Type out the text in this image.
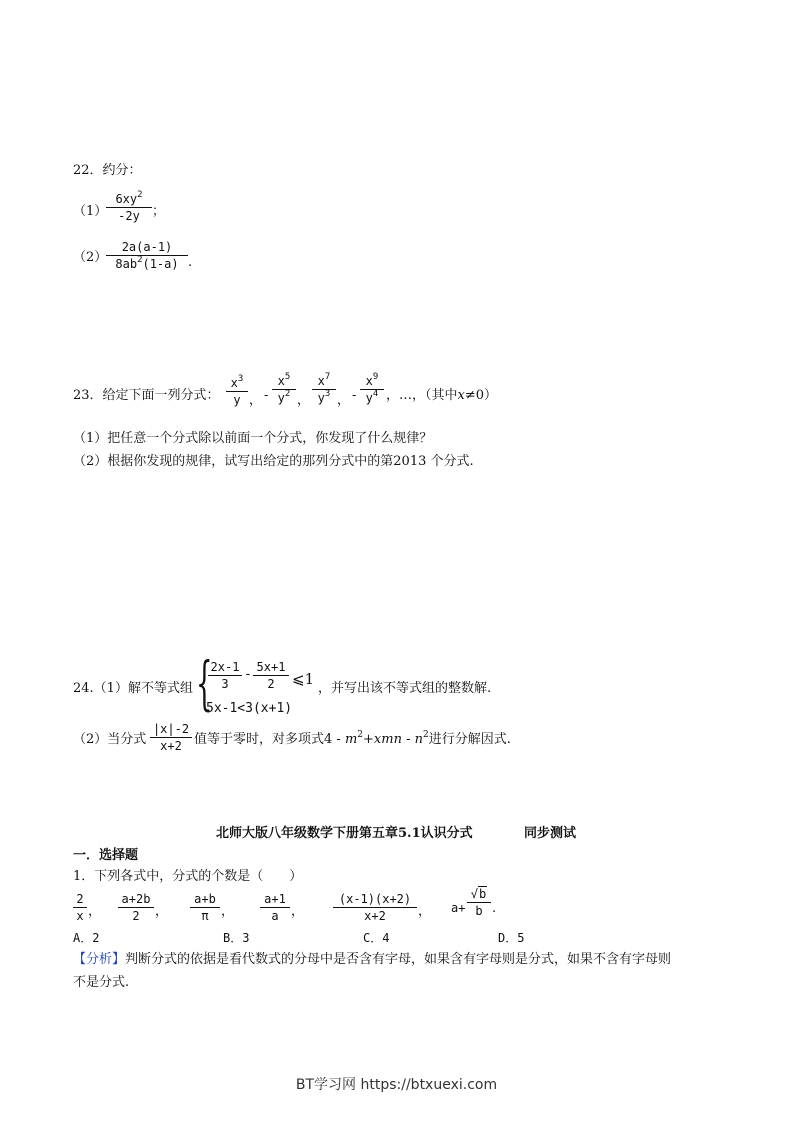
22．约分：
（1）
$6xy^2$
-2y ；
（2）
2a(a-1)
$8ab^2(1-a)$ .
23．给定下面一列分式：
$x^3$
y ， -
$x^5$
$y^2$ ，
$x^7$
$y^3$ ， -
$x^9$
$y^4$ ，…，（其中x≠0）
（1）把任意一个分式除以前面一个分式，你发现了什么规律？
（2）根据你发现的规律，试写出给定的那列分式中的第2013 个分式.
24.（1）解不等式组 {
2x-1
3
- 5x+1
2	⩽1
5x-1<3(x+1)
，并写出该不等式组的整数解.
（2）当分式
|x|-2
x+2 值等于零时，对多项式$4 - m^2+xmn - n^2$进行分解因式.
北师大版八年级数学下册第五章5.1认识分式	同步测试
一．选择题
1．下列各式中，分式的个数是（　　）
2
x ，
a+2b
2	，
a+b
π ，
a+1
a ，
(x-1)(x+2)
x+2	， a+
√b
b .
A．2	B．3	C．4	D．5
【分析】判断分式的依据是看代数式的分母中是否含有字母，如果含有字母则是分式，如果不含有字母则
不是分式.
BT学习网 https://btxuexi.com
